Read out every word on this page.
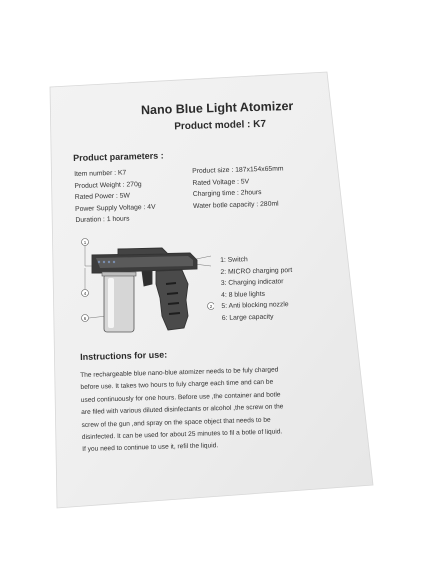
Nano Blue Light Atomizer
Product model : K7
Product parameters :
Item number : K7
Product Weight : 270g
Rated Power : 5W
Power Supply Voltage : 4V
Duration : 1 hours
Product size : 187x154x65mm
Rated Voltage : 5V
Charging time : 2hours
Water botle capacity : 280ml
1
4
6
2
1: Switch
2: MICRO charging port
3: Charging indicator
4: 8 blue lights
5: Anti blocking nozzle
6: Large capacity
Instructions for use:
The rechargeable blue nano-blue atomizer needs to be fuly charged
before use. It takes two hours to fuly charge each time and can be
used continuously for one hours. Before use ,the container and botle
are filed with various diluted disinfectants or alcohol ,the screw on the
screw of the gun ,and spray on the space object that needs to be
disinfected. It can be used for about 25 minutes to fil a botle of liquid.
If you need to continue to use it, refil the liquid.
